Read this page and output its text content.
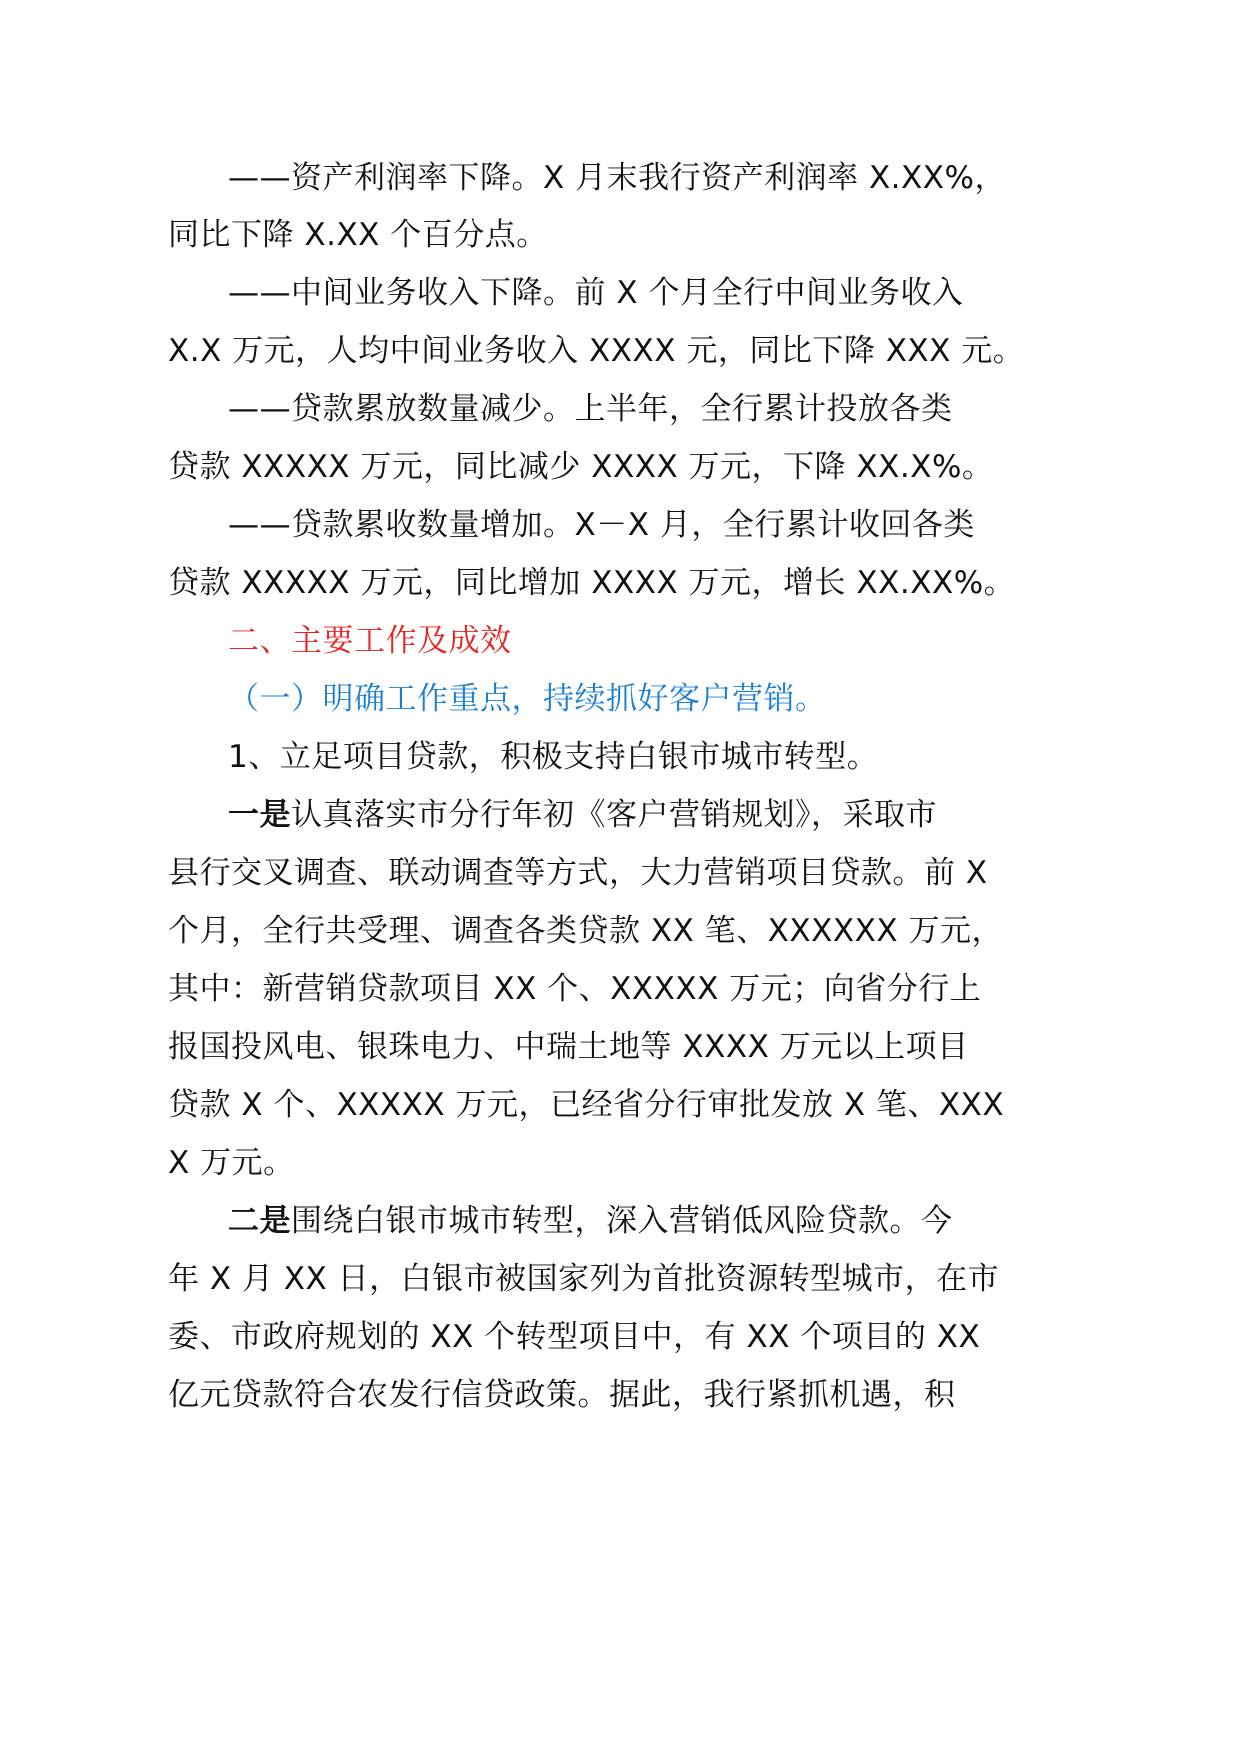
——资产利润率下降。X 月末我行资产利润率 X.XX%，
同比下降 X.XX 个百分点。
——中间业务收入下降。前 X 个月全行中间业务收入
X.X 万元，人均中间业务收入 XXXX 元，同比下降 XXX 元。
——贷款累放数量减少。上半年，全行累计投放各类
贷款 XXXXX 万元，同比减少 XXXX 万元，下降 XX.X%。
——贷款累收数量增加。X－X 月，全行累计收回各类
贷款 XXXXX 万元，同比增加 XXXX 万元，增长 XX.XX%。
二、主要工作及成效
（一）明确工作重点，持续抓好客户营销。
1、立足项目贷款，积极支持白银市城市转型。
一是认真落实市分行年初《客户营销规划》，采取市
县行交叉调查、联动调查等方式，大力营销项目贷款。前 X
个月，全行共受理、调查各类贷款 XX 笔、XXXXXX 万元，
其中：新营销贷款项目 XX 个、XXXXX 万元；向省分行上
报国投风电、银珠电力、中瑞土地等 XXXX 万元以上项目
贷款 X 个、XXXXX 万元，已经省分行审批发放 X 笔、XXX
X 万元。
二是围绕白银市城市转型，深入营销低风险贷款。今
年 X 月 XX 日，白银市被国家列为首批资源转型城市，在市
委、市政府规划的 XX 个转型项目中，有 XX 个项目的 XX
亿元贷款符合农发行信贷政策。据此，我行紧抓机遇，积
